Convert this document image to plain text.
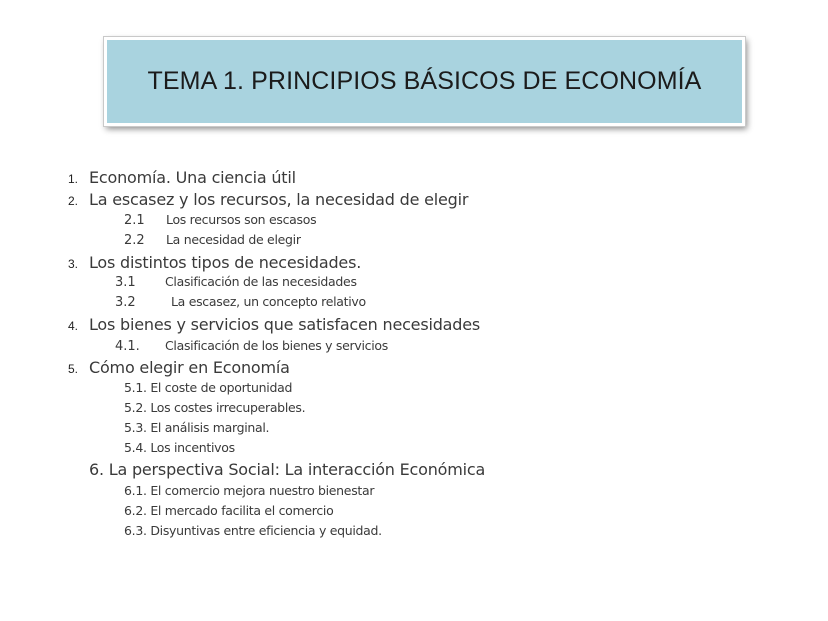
TEMA 1. PRINCIPIOS BÁSICOS DE ECONOMÍA
1. Economía. Una ciencia útil
2. La escasez y los recursos, la necesidad de elegir
2.1 Los recursos son escasos
2.2 La necesidad de elegir
3. Los distintos tipos de necesidades.
3.1 Clasificación de las necesidades
3.2	La escasez, un concepto relativo
4. Los bienes y servicios que satisfacen necesidades
4.1. Clasificación de los bienes y servicios
5. Cómo elegir en Economía
5.1. El coste de oportunidad
5.2. Los costes irrecuperables.
5.3. El análisis marginal.
5.4. Los incentivos
6. La perspectiva Social: La interacción Económica
6.1. El comercio mejora nuestro bienestar
6.2. El mercado facilita el comercio
6.3. Disyuntivas entre eficiencia y equidad.
